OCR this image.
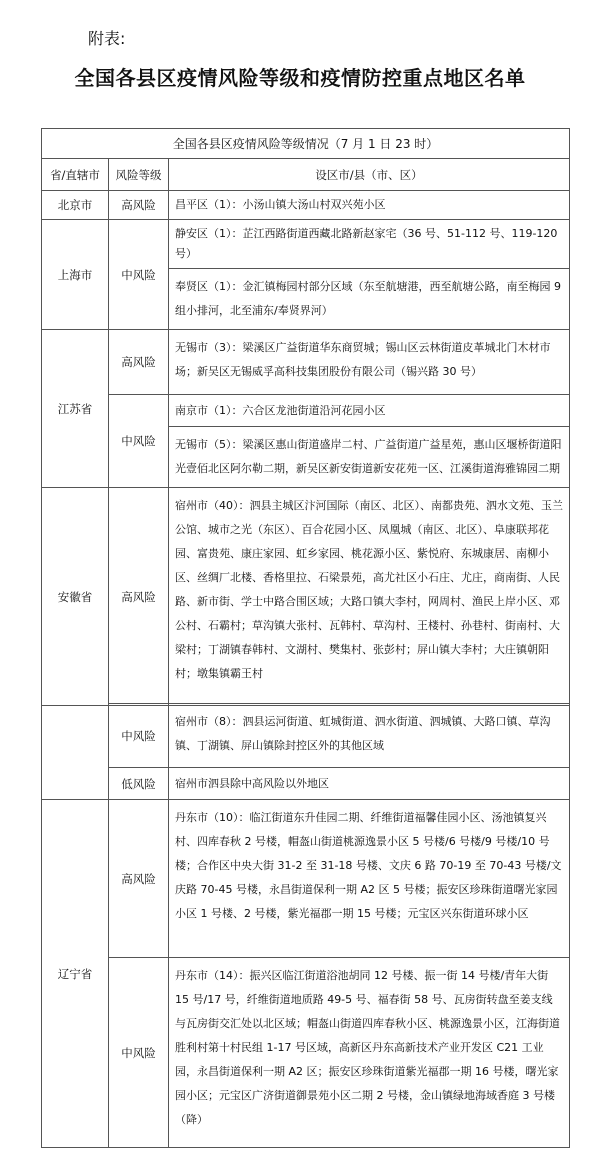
附表:
全国各县区疫情风险等级和疫情防控重点地区名单
全国各县区疫情风险等级情况（7 月 1 日 23 时）		
省/直辖市	风险等级	设区市/县（市、区）
北京市	高风险	昌平区（1）：小汤山镇大汤山村双兴苑小区
上海市	中风险	静安区（1）：芷江西路街道西藏北路新赵家宅（36 号、51-112 号、119-120 号）
		奉贤区（1）：金汇镇梅园村部分区域（东至航塘港，西至航塘公路，南至梅园 9 组小排河，北至浦东/奉贤界河）
江苏省	高风险	无锡市（3）：梁溪区广益街道华东商贸城；锡山区云林街道皮革城北门木材市场；新吴区无锡威孚高科技集团股份有限公司（锡兴路 30 号）
	中风险	南京市（1）：六合区龙池街道沿河花园小区
		无锡市（5）：梁溪区惠山街道盛岸二村、广益街道广益星苑，惠山区堰桥街道阳光壹佰北区阿尔勒二期，新吴区新安街道新安花苑一区、江溪街道海雅锦园二期
安徽省	高风险	宿州市（40）：泗县主城区汴河国际（南区、北区）、南都贵苑、泗水文苑、玉兰公馆、城市之光（东区）、百合花园小区、凤凰城（南区、北区）、阜康联邦花园、富贵苑、康庄家园、虹乡家园、桃花源小区、紫悦府、东城康居、南柳小区、丝绸厂北楼、香格里拉、石梁景苑，高尤社区小石庄、尤庄，商南街、人民路、新市街、学士中路合围区域；大路口镇大李村，网周村、渔民上岸小区、邓公村、石霸村；草沟镇大张村、瓦韩村、草沟村、王楼村、孙巷村、街南村、大梁村；丁湖镇春韩村、文湖村、樊集村、张彭村；屏山镇大李村；大庄镇朝阳村；墩集镇霸王村
	中风险	宿州市（8）：泗县运河街道、虹城街道、泗水街道、泗城镇、大路口镇、草沟镇、丁湖镇、屏山镇除封控区外的其他区域
	低风险	宿州市泗县除中高风险以外地区
辽宁省	高风险	丹东市（10）：临江街道东升佳园二期、纤维街道福馨佳园小区、汤池镇复兴村、四库春秋 2 号楼，帽盔山街道桃源逸景小区 5 号楼/6 号楼/9 号楼/10 号楼；合作区中央大街 31-2 至 31-18 号楼、文庆 6 路 70-19 至 70-43 号楼/文庆路 70-45 号楼，永昌街道保利一期 A2 区 5 号楼；振安区珍珠街道曙光家园小区 1 号楼、2 号楼，紫光福郡一期 15 号楼；元宝区兴东街道环球小区
	中风险	丹东市（14）：振兴区临江街道浴池胡同 12 号楼、振一街 14 号楼/青年大街 15 号/17 号，纤维街道地质路 49-5 号、福春街 58 号、瓦房街转盘至姜支线与瓦房街交汇处以北区域；帽盔山街道四库春秋小区、桃源逸景小区，江海街道胜利村第十村民组 1-17 号区域，高新区丹东高新技术产业开发区 C21 工业园，永昌街道保利一期 A2 区；振安区珍珠街道紫光福郡一期 16 号楼，曙光家园小区；元宝区广济街道御景苑小区二期 2 号楼，金山镇绿地海域香庭 3 号楼（降）
